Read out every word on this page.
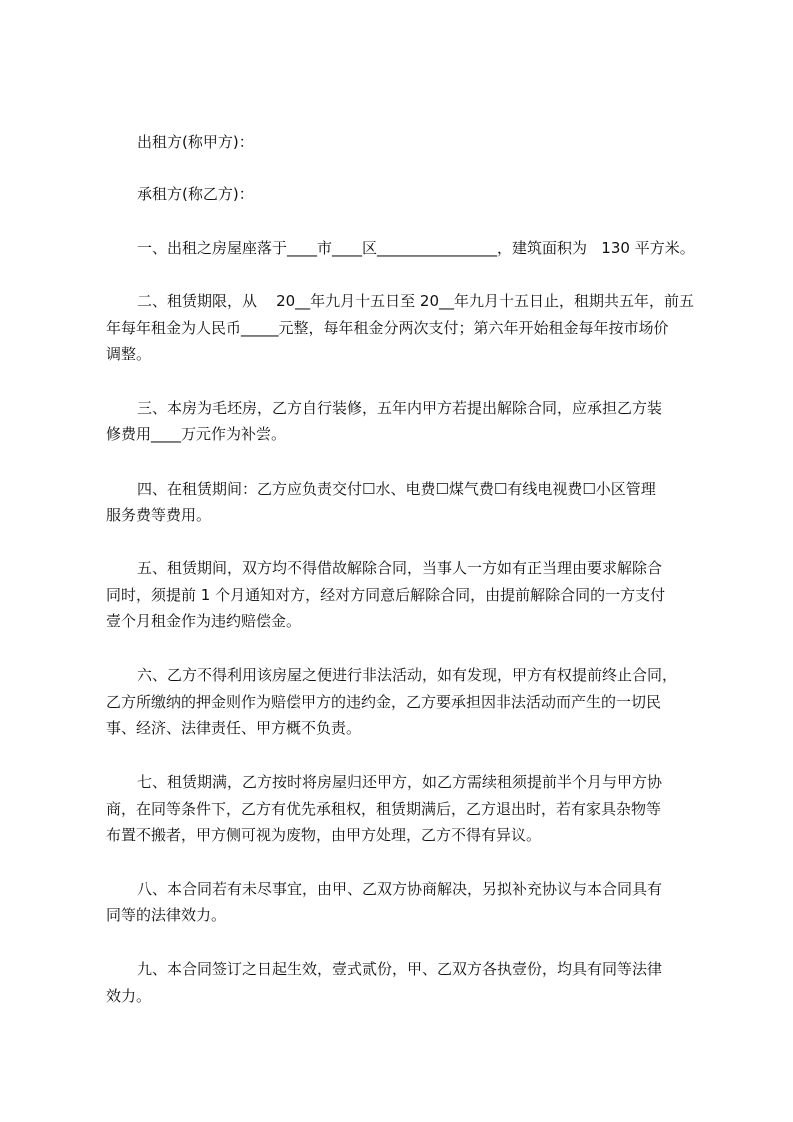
出租方(称甲方)：
承租方(称乙方)：
一、出租之房屋座落于____市____区________________，建筑面积为   130 平方米。
二、租赁期限，从    20__年九月十五日至 20__年九月十五日止，租期共五年，前五
年每年租金为人民币_____元整，每年租金分两次支付；第六年开始租金每年按市场价
调整。
三、本房为毛坯房，乙方自行装修，五年内甲方若提出解除合同，应承担乙方装
修费用____万元作为补尝。
四、在租赁期间：乙方应负责交付☐水、电费☐煤气费☐有线电视费☐小区管理
服务费等费用。
五、租赁期间，双方均不得借故解除合同，当事人一方如有正当理由要求解除合
同时，须提前 1 个月通知对方，经对方同意后解除合同，由提前解除合同的一方支付
壹个月租金作为违约赔偿金。
六、乙方不得利用该房屋之便进行非法活动，如有发现，甲方有权提前终止合同，
乙方所缴纳的押金则作为赔偿甲方的违约金，乙方要承担因非法活动而产生的一切民
事、经济、法律责任、甲方概不负责。
七、租赁期满，乙方按时将房屋归还甲方，如乙方需续租须提前半个月与甲方协
商，在同等条件下，乙方有优先承租权，租赁期满后，乙方退出时，若有家具杂物等
布置不搬者，甲方侧可视为废物，由甲方处理，乙方不得有异议。
八、本合同若有未尽事宜，由甲、乙双方协商解决，另拟补充协议与本合同具有
同等的法律效力。
九、本合同签订之日起生效，壹式贰份，甲、乙双方各执壹份，均具有同等法律
效力。
